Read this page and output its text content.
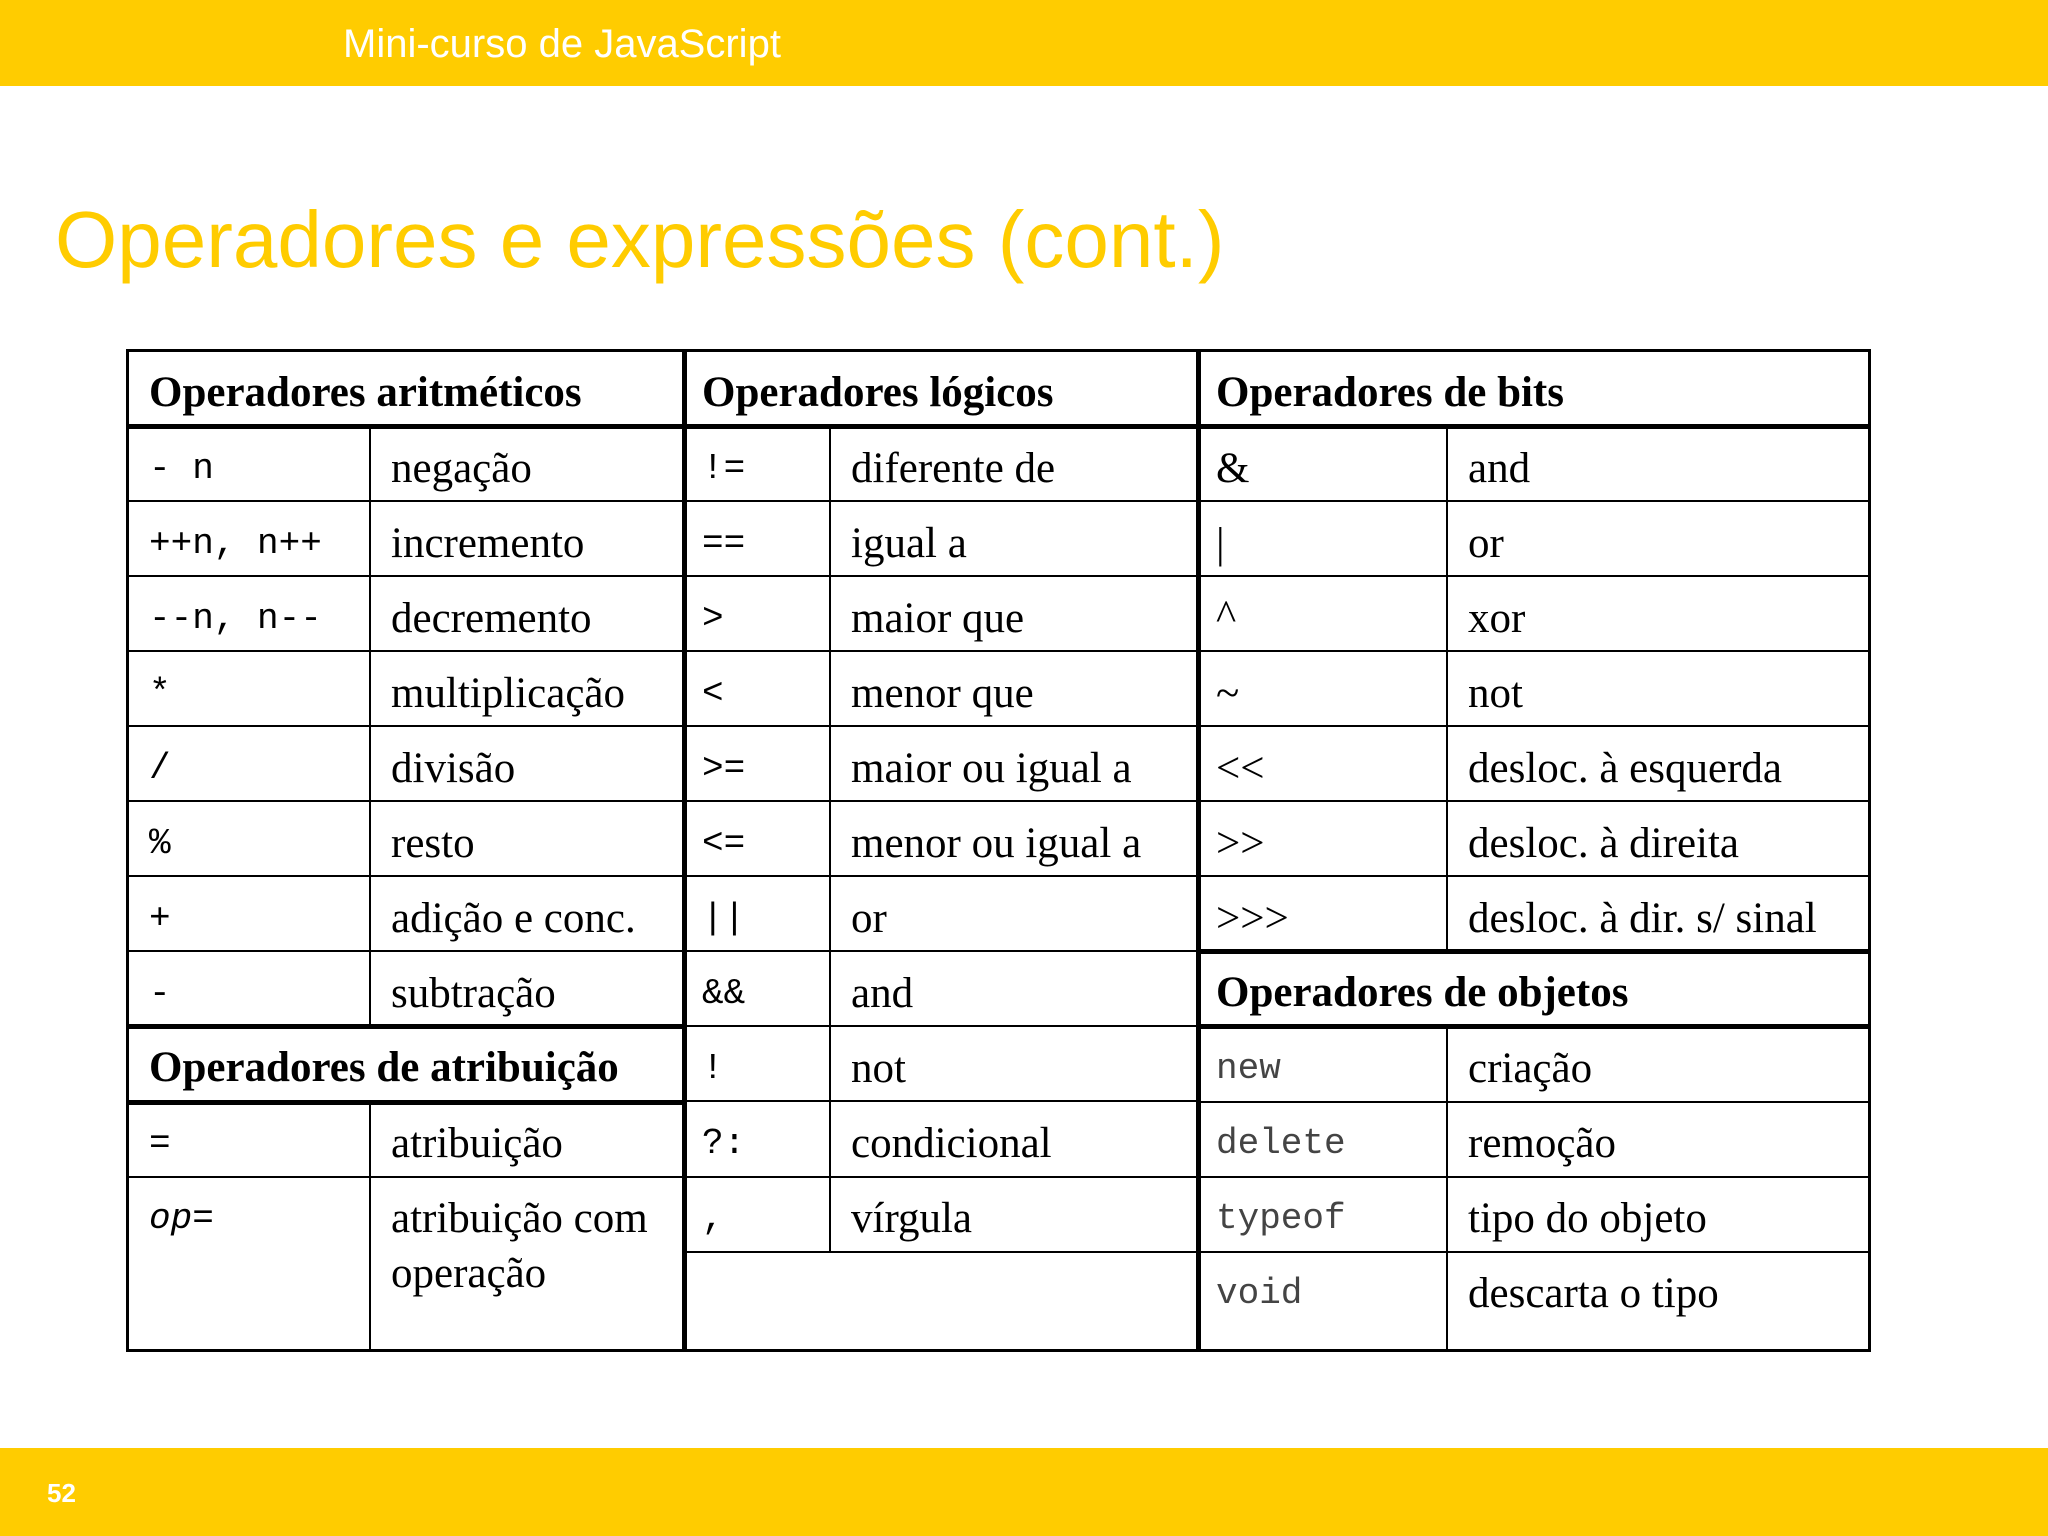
Mini-curso de JavaScript
Operadores e expressões (cont.)
Operadores aritméticos	Operadores lógicos	Operadores de bits
Operadores de atribuição
Operadores de objetos
- n	negação
++n, n++ incremento
--n, n-- decremento
*	multiplicação
/	divisão
%	resto
+	adição e conc.
-	subtração
=	atribuição
op=	atribuição com
operação
!= diferente de
== igual a
>	maior que
<	menor que
>= maior ou igual a
<= menor ou igual a
|| or
&& and
!	not
?: condicional
,	vírgula
&	and
|	or
^	xor
~	not
<<	desloc. à esquerda
>>	desloc. à direita
>>>	desloc. à dir. s/ sinal
new	criação
delete	remoção
typeof	tipo do objeto
void	descarta o tipo
52
